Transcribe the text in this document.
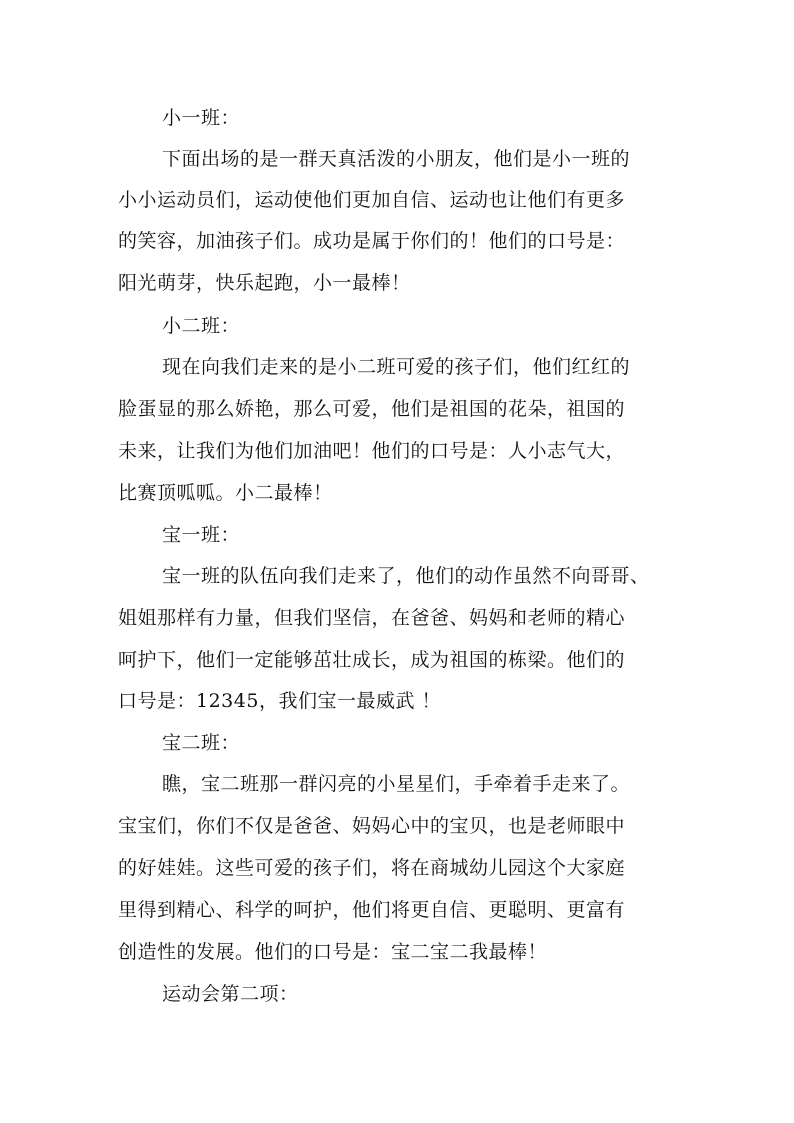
小一班：
下面出场的是一群天真活泼的小朋友，他们是小一班的
小小运动员们，运动使他们更加自信、运动也让他们有更多
的笑容，加油孩子们。成功是属于你们的！他们的口号是：
阳光萌芽，快乐起跑，小一最棒！
小二班：
现在向我们走来的是小二班可爱的孩子们，他们红红的
脸蛋显的那么娇艳，那么可爱，他们是祖国的花朵，祖国的
未来，让我们为他们加油吧！他们的口号是：人小志气大，
比赛顶呱呱。小二最棒！
宝一班：
宝一班的队伍向我们走来了，他们的动作虽然不向哥哥、
姐姐那样有力量，但我们坚信，在爸爸、妈妈和老师的精心
呵护下，他们一定能够茁壮成长，成为祖国的栋梁。他们的
口号是：12345，我们宝一最威武 ！
宝二班：
瞧，宝二班那一群闪亮的小星星们，手牵着手走来了。
宝宝们，你们不仅是爸爸、妈妈心中的宝贝，也是老师眼中
的好娃娃。这些可爱的孩子们，将在商城幼儿园这个大家庭
里得到精心、科学的呵护，他们将更自信、更聪明、更富有
创造性的发展。他们的口号是：宝二宝二我最棒！
运动会第二项：
